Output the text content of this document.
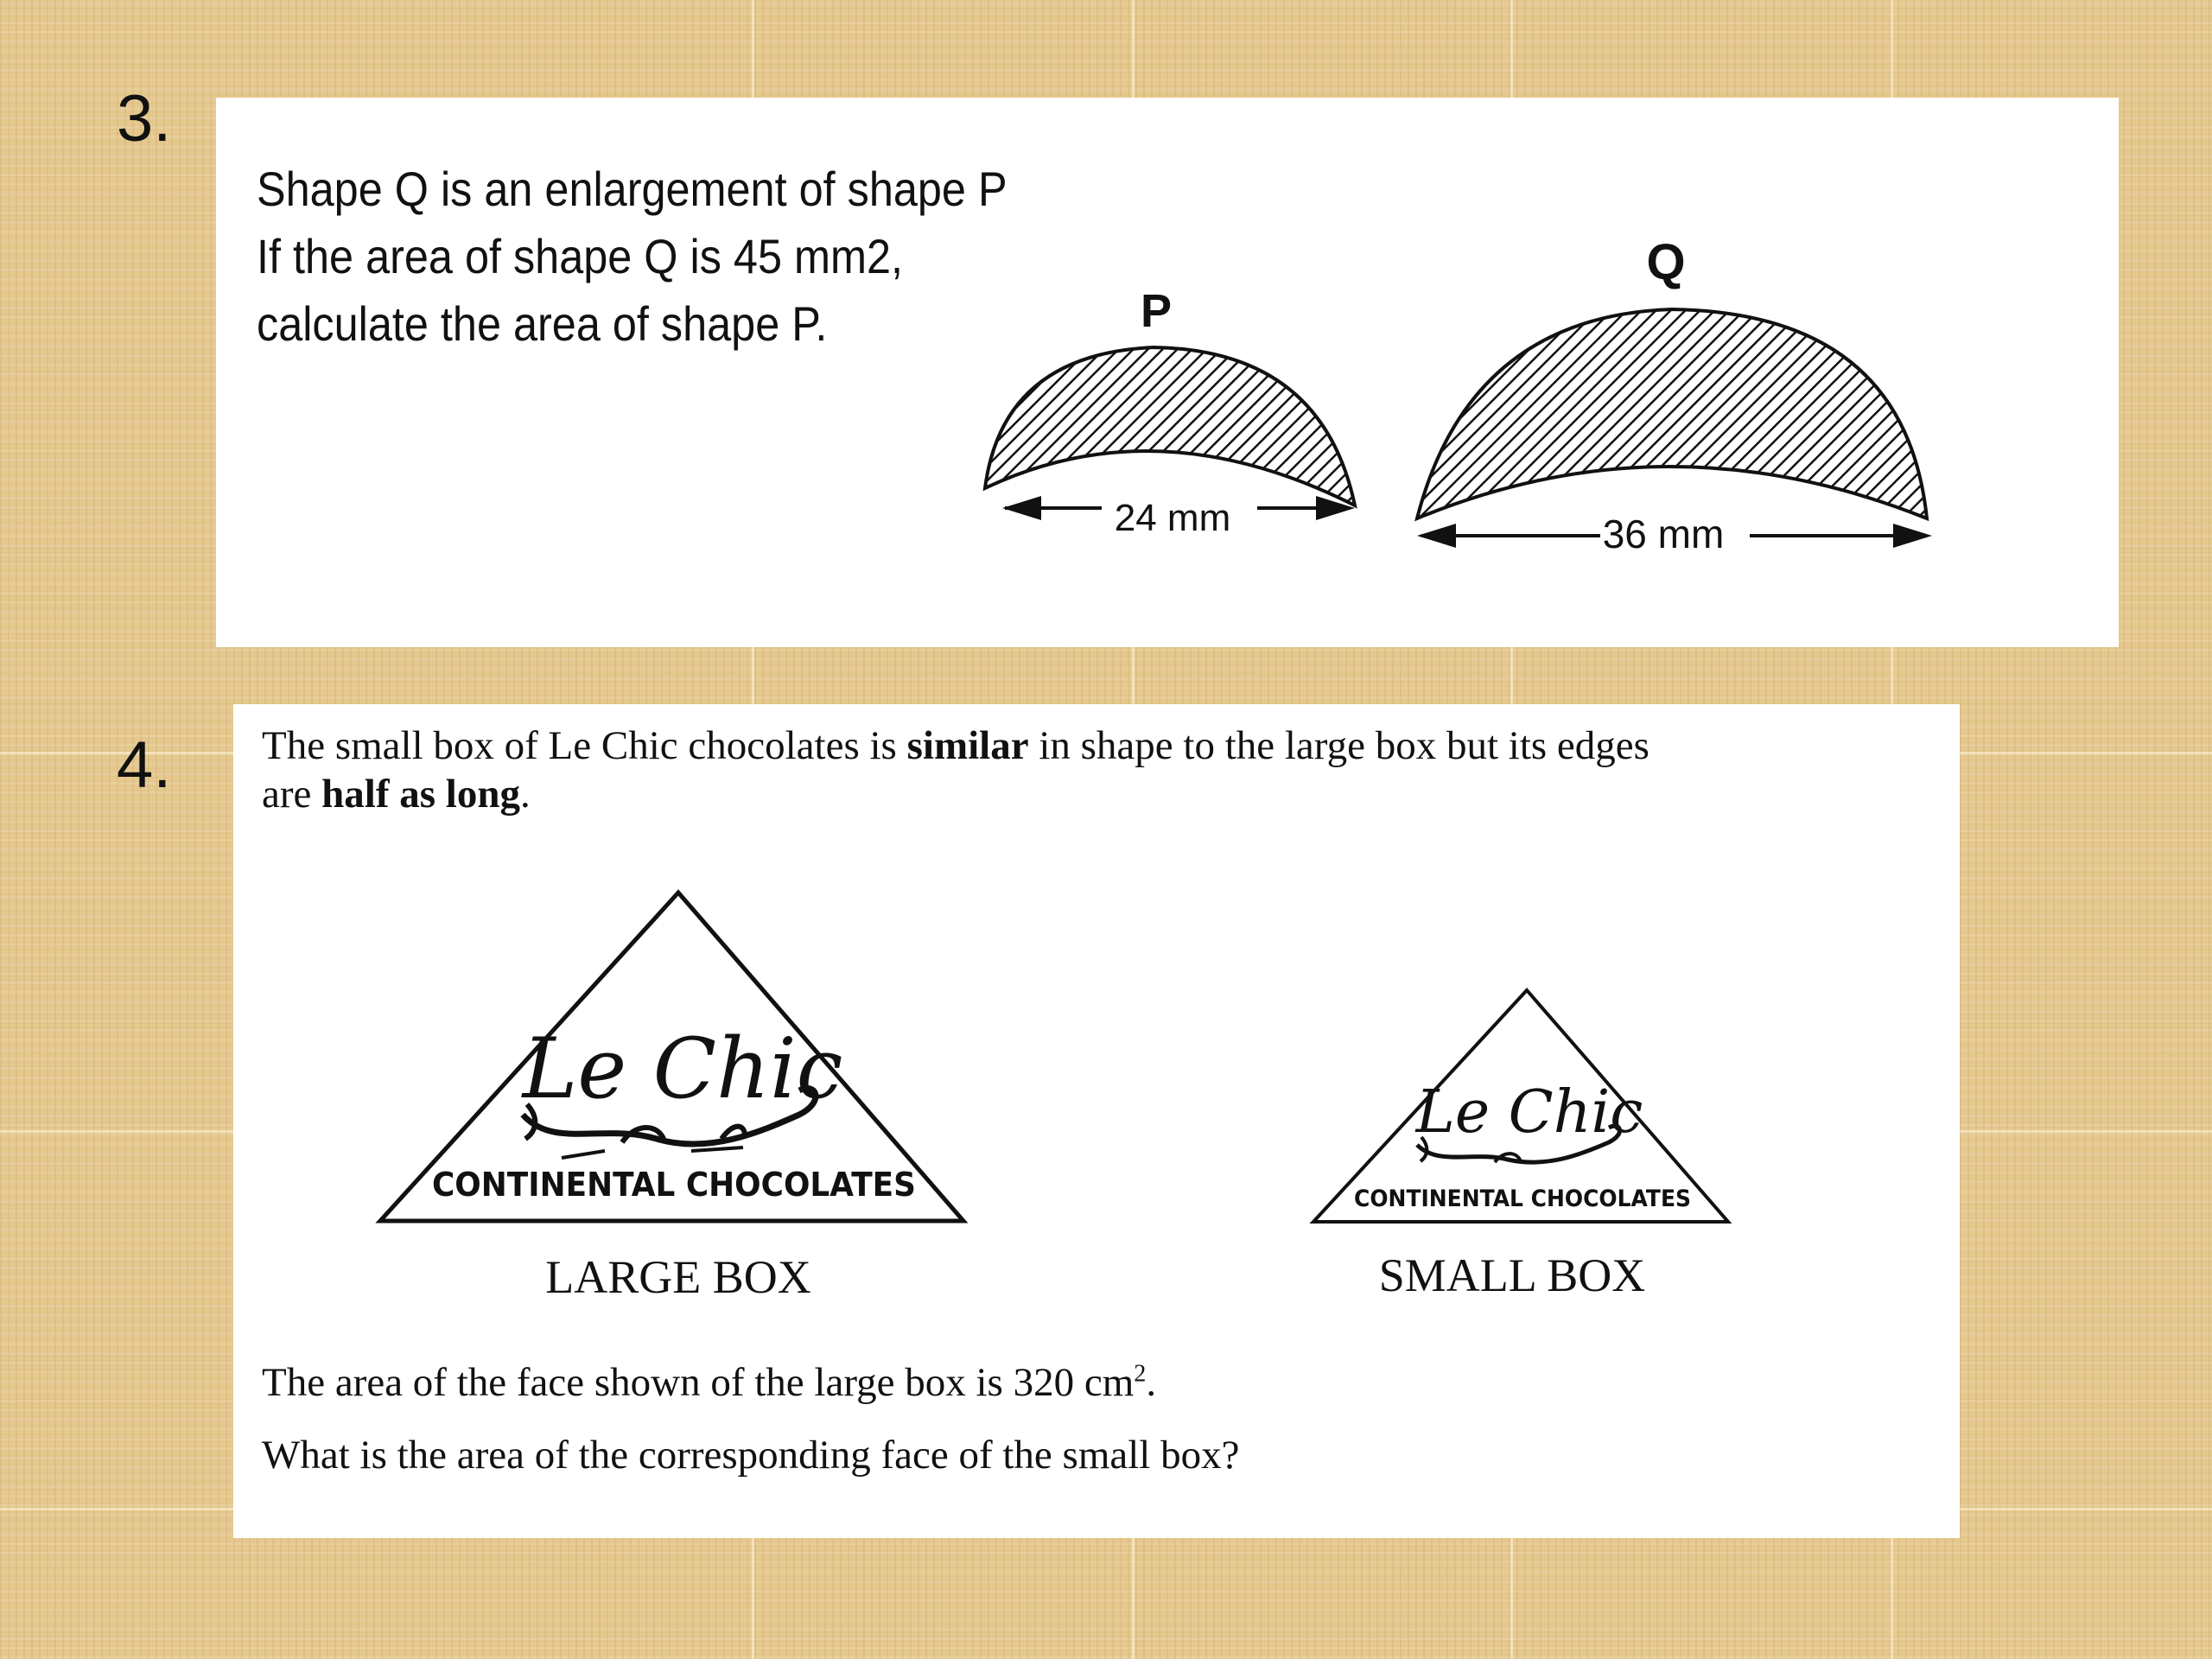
3.
Shape Q is an enlargement of shape P
If the area of shape Q is 45 mm2,
calculate the area of shape P.	P
24 mm
Q
36 mm
4. The small box of Le Chic chocolates is similar in shape to the large box but its edges
are half as long.
Le Chic
CONTINENTAL CHOCOLATES
Le Chic
CONTINENTAL CHOCOLATES
LARGE BOX	SMALL BOX
The area of the face shown of the large box is 320 $cm^2$.
What is the area of the corresponding face of the small box?
